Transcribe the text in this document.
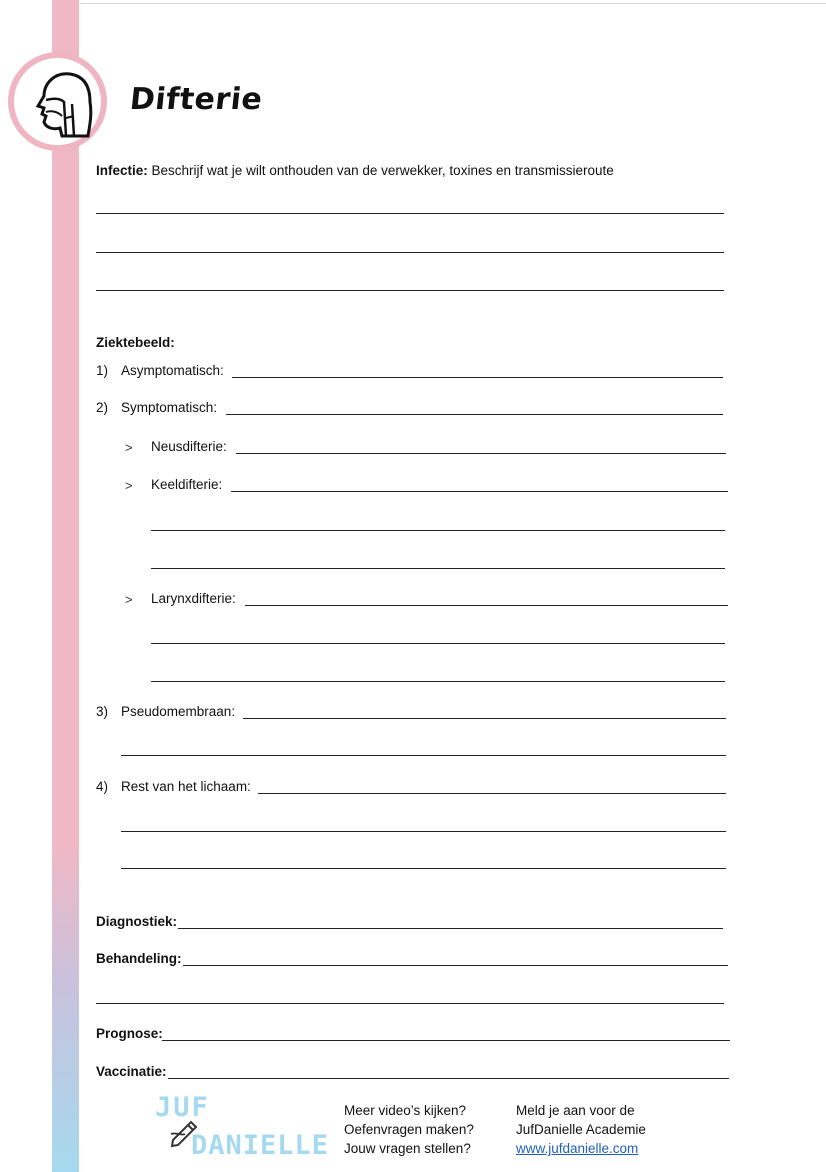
Difterie
Infectie: Beschrijf wat je wilt onthouden van de verwekker, toxines en transmissieroute
Ziektebeeld:
1) Asymptomatisch:
2) Symptomatisch:
> Neusdifterie:
> Keeldifterie:
> Larynxdifterie:
3) Pseudomembraan:
4) Rest van het lichaam:
Diagnostiek:
Behandeling:
Prognose:
Vaccinatie:
JUF
DANIELLE
Meer video’s kijken?
Oefenvragen maken?
Jouw vragen stellen?
Meld je aan voor de
JufDanielle Academie
www.jufdanielle.com
